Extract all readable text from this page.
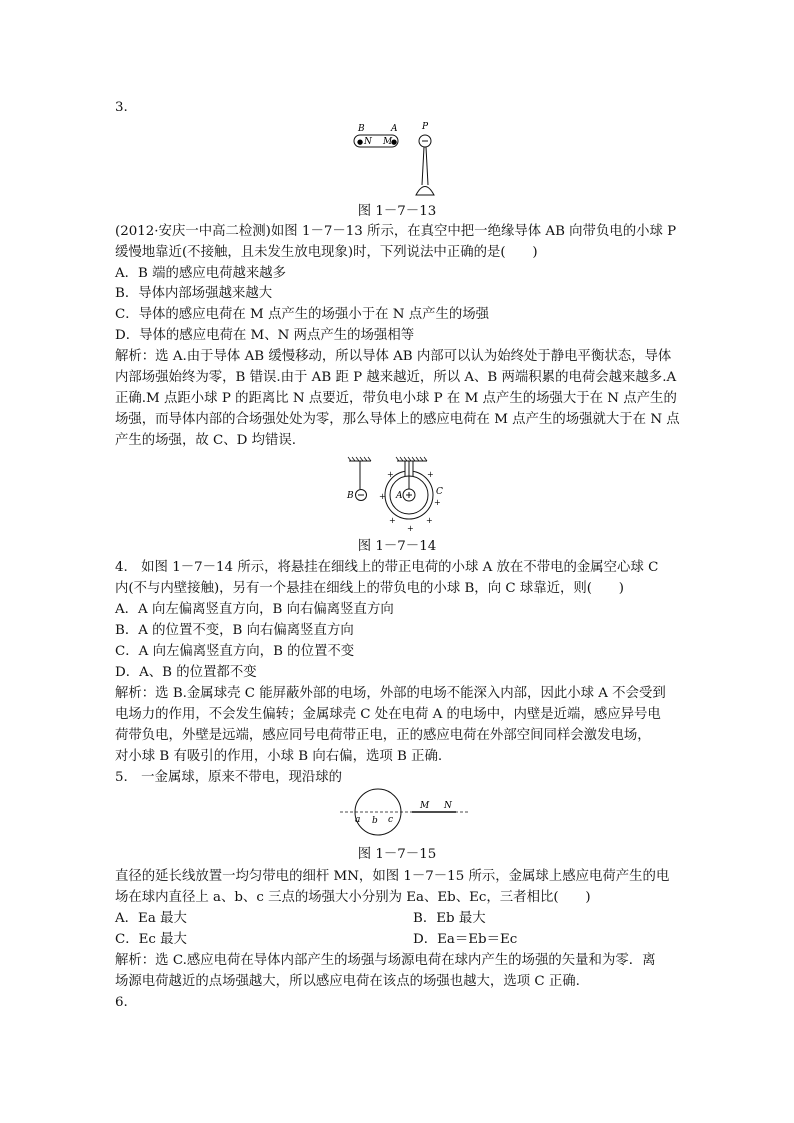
3.
B	A
● N M
●
P
图 1－7－13
(2012·安庆一中高二检测)如图 1－7－13 所示，在真空中把一绝缘导体 AB 向带负电的小球 P
缓慢地靠近(不接触，且未发生放电现象)时，下列说法中正确的是(　　)
A．B 端的感应电荷越来越多
B．导体内部场强越来越大
C．导体的感应电荷在 M 点产生的场强小于在 N 点产生的场强
D．导体的感应电荷在 M、N 两点产生的场强相等
解析：选 A.由于导体 AB 缓慢移动，所以导体 AB 内部可以认为始终处于静电平衡状态，导体
内部场强始终为零，B 错误.由于 AB 距 P 越来越近，所以 A、B 两端积累的电荷会越来越多.A
正确.M 点距小球 P 的距离比 N 点要近，带负电小球 P 在 M 点产生的场强大于在 N 点产生的
场强，而导体内部的合场强处处为零，那么导体上的感应电荷在 M 点产生的场强就大于在 N 点
产生的场强，故 C、D 均错误.
B	A	C
+	+
+
+
+	+
+
图 1－7－14
4.　如图 1－7－14 所示，将悬挂在细线上的带正电荷的小球 A 放在不带电的金属空心球 C
内(不与内壁接触)，另有一个悬挂在细线上的带负电的小球 B，向 C 球靠近，则(　　)
A．A 向左偏离竖直方向，B 向右偏离竖直方向
B．A 的位置不变，B 向右偏离竖直方向
C．A 向左偏离竖直方向，B 的位置不变
D．A、B 的位置都不变
解析：选 B.金属球壳 C 能屏蔽外部的电场，外部的电场不能深入内部，因此小球 A 不会受到
电场力的作用，不会发生偏转；金属球壳 C 处在电荷 A 的电场中，内壁是近端，感应异号电
荷带负电，外壁是远端，感应同号电荷带正电，正的感应电荷在外部空间同样会激发电场，
对小球 B 有吸引的作用，小球 B 向右偏，选项 B 正确.
5.　一金属球，原来不带电，现沿球的
M N
a b c
图 1－7－15
直径的延长线放置一均匀带电的细杆 MN，如图 1－7－15 所示，金属球上感应电荷产生的电
场在球内直径上 a、b、c 三点的场强大小分别为 Ea、Eb、Ec，三者相比(　　)
A．Ea 最大	B．Eb 最大
C．Ec 最大	D．Ea＝Eb＝Ec
解析：选 C.感应电荷在导体内部产生的场强与场源电荷在球内产生的场强的矢量和为零．离
场源电荷越近的点场强越大，所以感应电荷在该点的场强也越大，选项 C 正确.
6.
